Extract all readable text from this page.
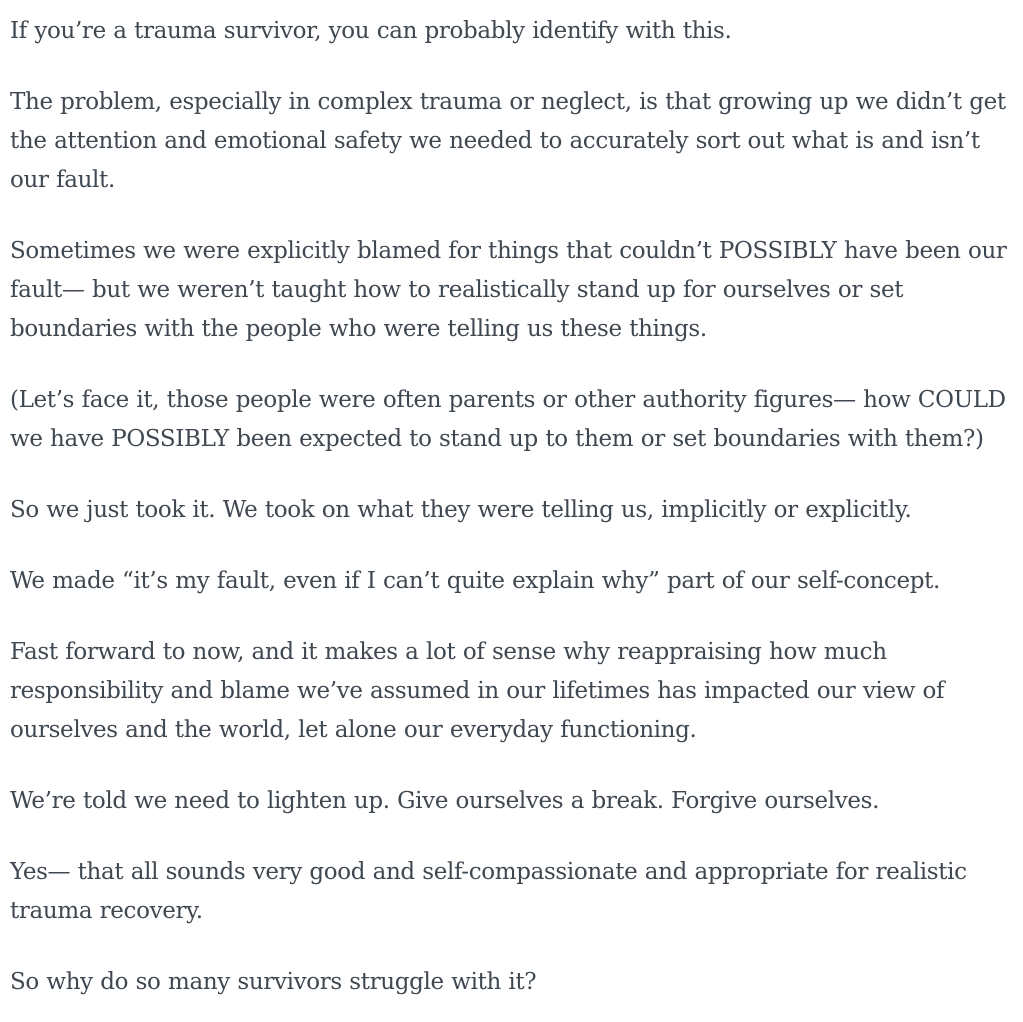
If you’re a trauma survivor, you can probably identify with this.

The problem, especially in complex trauma or neglect, is that growing up we didn’t get the attention and emotional safety we needed to accurately sort out what is and isn’t our fault.

Sometimes we were explicitly blamed for things that couldn’t POSSIBLY have been our fault— but we weren’t taught how to realistically stand up for ourselves or set boundaries with the people who were telling us these things.

(Let’s face it, those people were often parents or other authority figures— how COULD we have POSSIBLY been expected to stand up to them or set boundaries with them?)

So we just took it. We took on what they were telling us, implicitly or explicitly.

We made “it’s my fault, even if I can’t quite explain why” part of our self-concept.

Fast forward to now, and it makes a lot of sense why reappraising how much responsibility and blame we’ve assumed in our lifetimes has impacted our view of ourselves and the world, let alone our everyday functioning.

We’re told we need to lighten up. Give ourselves a break. Forgive ourselves.

Yes— that all sounds very good and self-compassionate and appropriate for realistic trauma recovery.

So why do so many survivors struggle with it?
